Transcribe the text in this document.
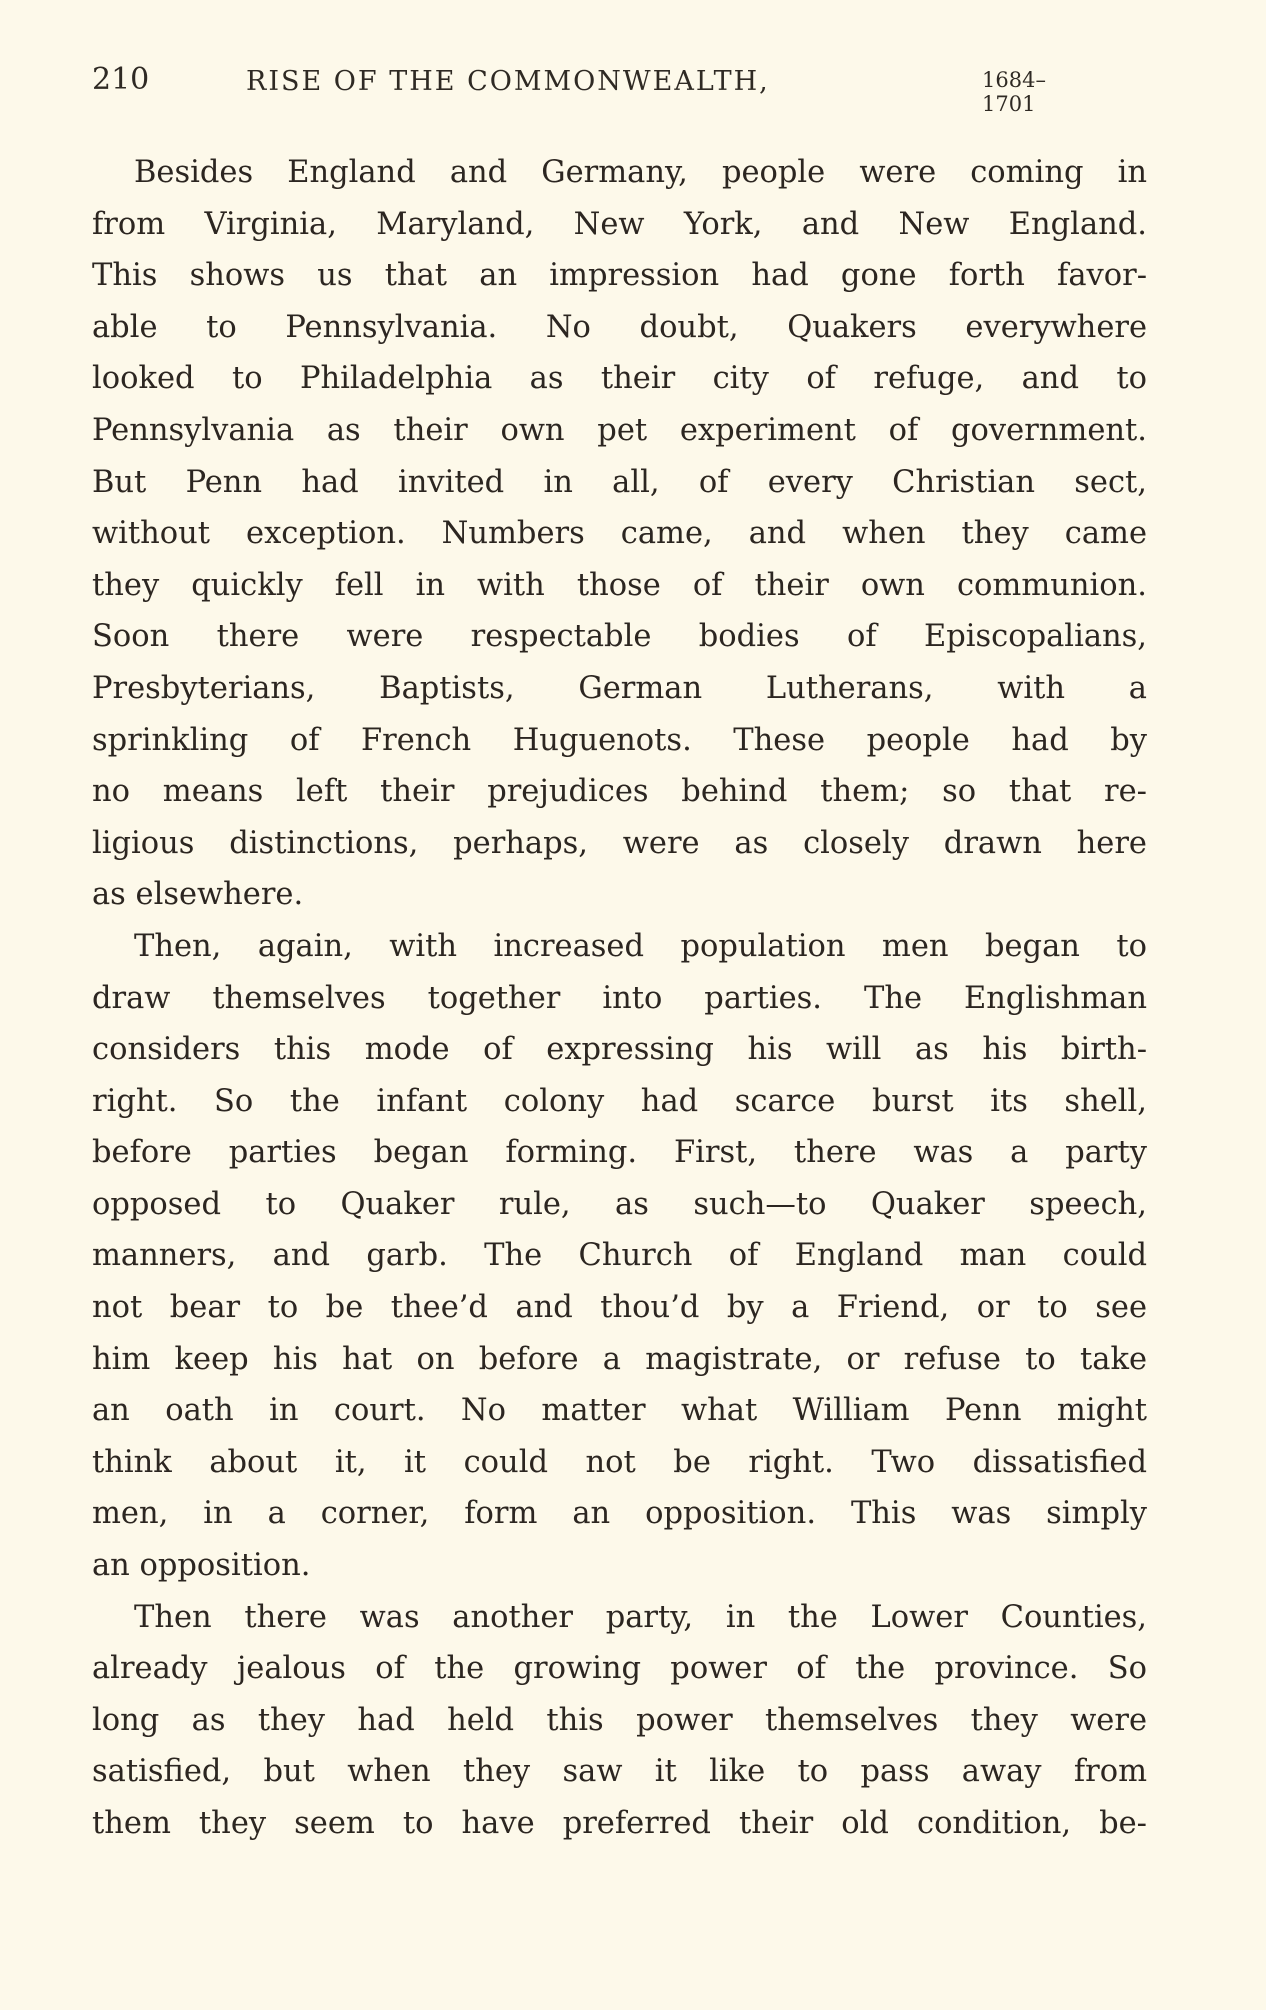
210	RISE OF THE COMMONWEALTH,	1684–1701
Besides England and Germany, people were coming in
from Virginia, Maryland, New York, and New England.
This shows us that an impression had gone forth favor-
able to Pennsylvania. No doubt, Quakers everywhere
looked to Philadelphia as their city of refuge, and to
Pennsylvania as their own pet experiment of government.
But Penn had invited in all, of every Christian sect,
without exception. Numbers came, and when they came
they quickly fell in with those of their own communion.
Soon there were respectable bodies of Episcopalians,
Presbyterians, Baptists, German Lutherans, with a
sprinkling of French Huguenots. These people had by
no means left their prejudices behind them; so that re-
ligious distinctions, perhaps, were as closely drawn here
as elsewhere.
Then, again, with increased population men began to
draw themselves together into parties. The Englishman
considers this mode of expressing his will as his birth-
right. So the infant colony had scarce burst its shell,
before parties began forming. First, there was a party
opposed to Quaker rule, as such—to Quaker speech,
manners, and garb. The Church of England man could
not bear to be thee’d and thou’d by a Friend, or to see
him keep his hat on before a magistrate, or refuse to take
an oath in court. No matter what William Penn might
think about it, it could not be right. Two dissatisfied
men, in a corner, form an opposition. This was simply
an opposition.
Then there was another party, in the Lower Counties,
already jealous of the growing power of the province. So
long as they had held this power themselves they were
satisfied, but when they saw it like to pass away from
them they seem to have preferred their old condition, be-
